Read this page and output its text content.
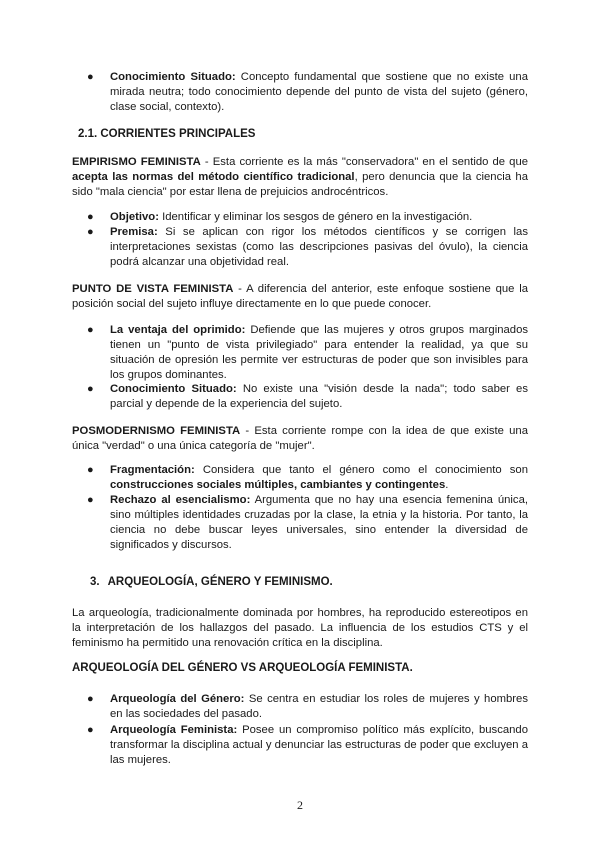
● Conocimiento Situado: Concepto fundamental que sostiene que no existe una mirada neutra; todo conocimiento depende del punto de vista del sujeto (género, clase social, contexto).
2.1. CORRIENTES PRINCIPALES
EMPIRISMO FEMINISTA - Esta corriente es la más "conservadora" en el sentido de que acepta las normas del método científico tradicional, pero denuncia que la ciencia ha sido "mala ciencia" por estar llena de prejuicios androcéntricos.
● Objetivo: Identificar y eliminar los sesgos de género en la investigación.
● Premisa: Si se aplican con rigor los métodos científicos y se corrigen las interpretaciones sexistas (como las descripciones pasivas del óvulo), la ciencia podrá alcanzar una objetividad real.
PUNTO DE VISTA FEMINISTA - A diferencia del anterior, este enfoque sostiene que la posición social del sujeto influye directamente en lo que puede conocer.
● La ventaja del oprimido: Defiende que las mujeres y otros grupos marginados tienen un "punto de vista privilegiado" para entender la realidad, ya que su situación de opresión les permite ver estructuras de poder que son invisibles para los grupos dominantes.
● Conocimiento Situado: No existe una "visión desde la nada"; todo saber es parcial y depende de la experiencia del sujeto.
POSMODERNISMO FEMINISTA - Esta corriente rompe con la idea de que existe una única "verdad" o una única categoría de "mujer".
● Fragmentación: Considera que tanto el género como el conocimiento son construcciones sociales múltiples, cambiantes y contingentes.
● Rechazo al esencialismo: Argumenta que no hay una esencia femenina única, sino múltiples identidades cruzadas por la clase, la etnia y la historia. Por tanto, la ciencia no debe buscar leyes universales, sino entender la diversidad de significados y discursos.
3. ARQUEOLOGÍA, GÉNERO Y FEMINISMO.
La arqueología, tradicionalmente dominada por hombres, ha reproducido estereotipos en la interpretación de los hallazgos del pasado. La influencia de los estudios CTS y el feminismo ha permitido una renovación crítica en la disciplina.
ARQUEOLOGÍA DEL GÉNERO VS ARQUEOLOGÍA FEMINISTA.
● Arqueología del Género: Se centra en estudiar los roles de mujeres y hombres en las sociedades del pasado.
● Arqueología Feminista: Posee un compromiso político más explícito, buscando transformar la disciplina actual y denunciar las estructuras de poder que excluyen a las mujeres.
2
